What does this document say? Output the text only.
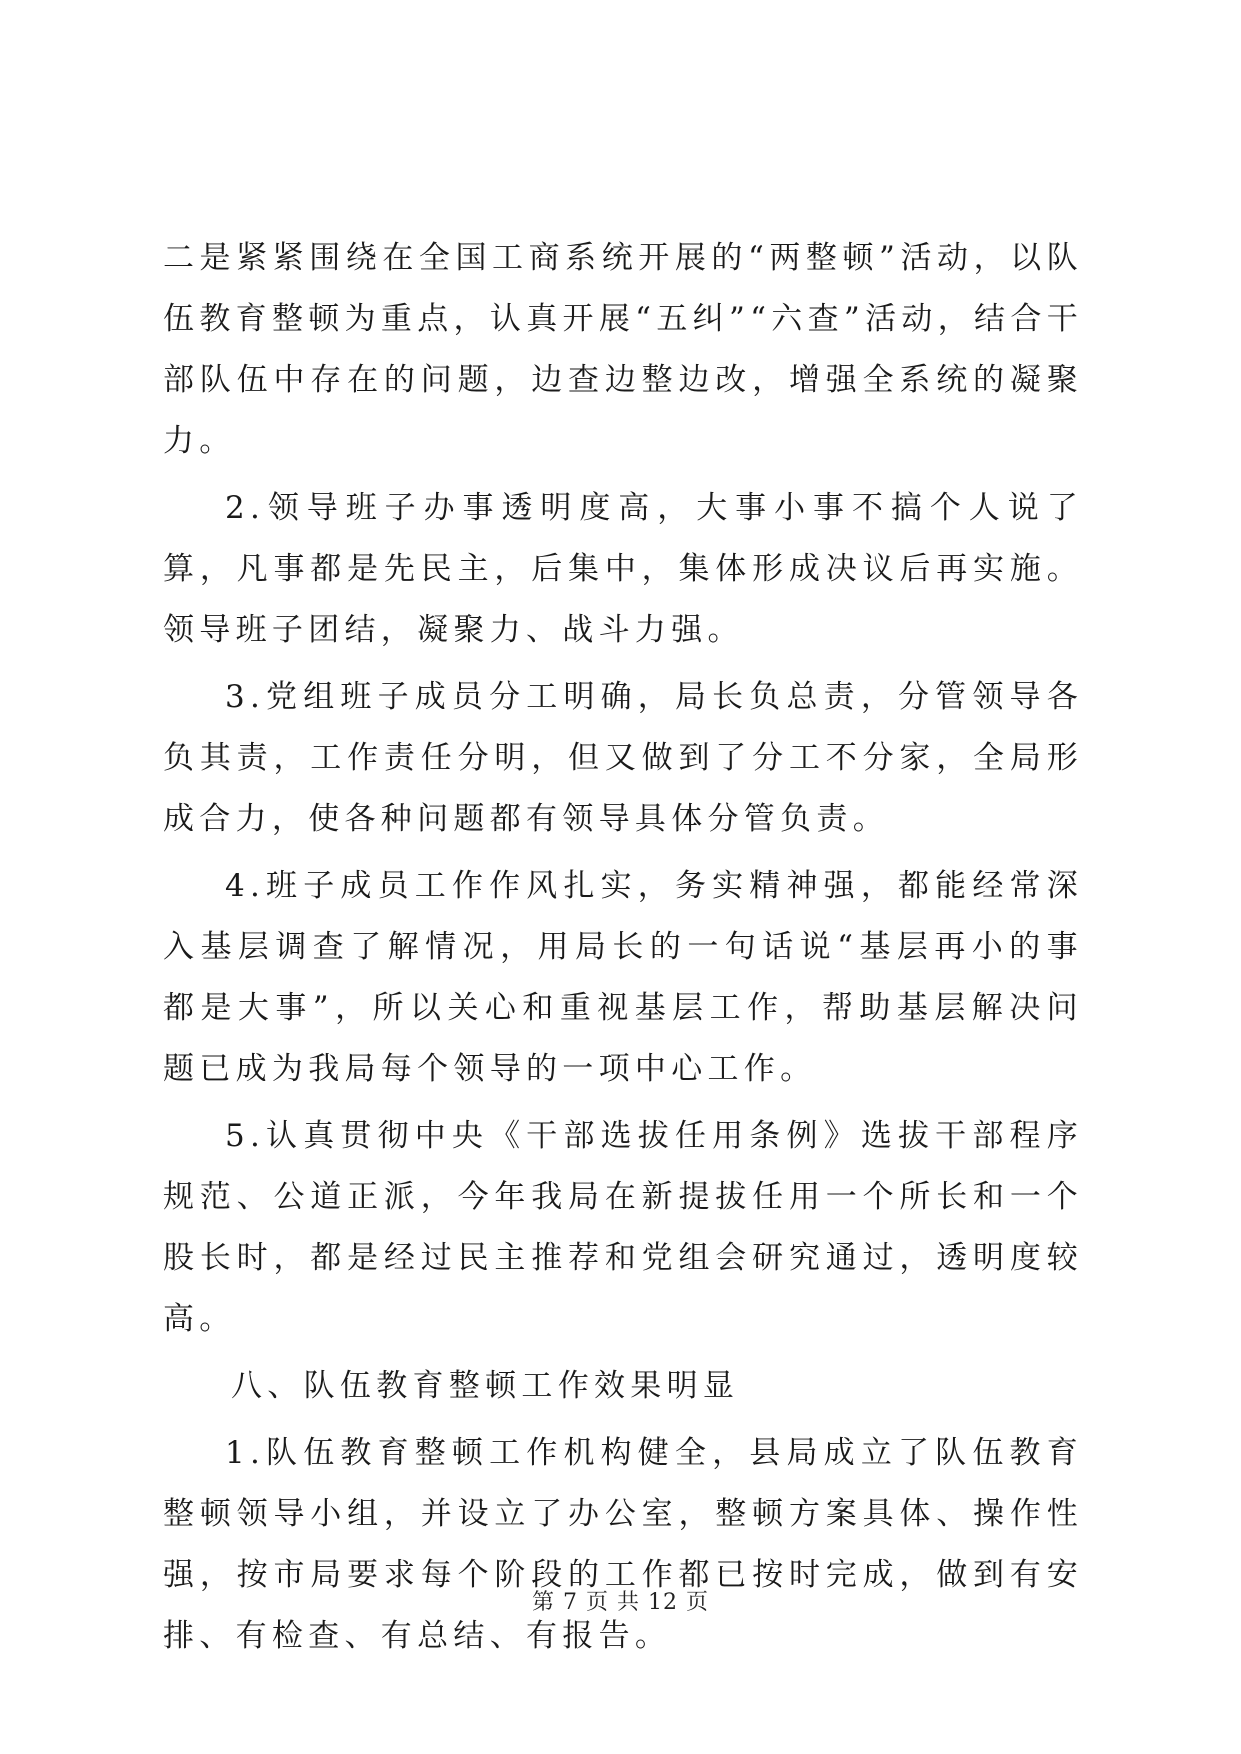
二是紧紧围绕在全国工商系统开展的“两整顿”活动，以队伍教育整顿为重点，认真开展“五纠”“六查”活动，结合干部队伍中存在的问题，边查边整边改，增强全系统的凝聚力。

2.领导班子办事透明度高，大事小事不搞个人说了算，凡事都是先民主，后集中，集体形成决议后再实施。领导班子团结，凝聚力、战斗力强。

3.党组班子成员分工明确，局长负总责，分管领导各负其责，工作责任分明，但又做到了分工不分家，全局形成合力，使各种问题都有领导具体分管负责。

4.班子成员工作作风扎实，务实精神强，都能经常深入基层调查了解情况，用局长的一句话说“基层再小的事都是大事”，所以关心和重视基层工作，帮助基层解决问题已成为我局每个领导的一项中心工作。

5.认真贯彻中央《干部选拔任用条例》选拔干部程序规范、公道正派，今年我局在新提拔任用一个所长和一个股长时，都是经过民主推荐和党组会研究通过，透明度较高。

八、队伍教育整顿工作效果明显

1.队伍教育整顿工作机构健全，县局成立了队伍教育整顿领导小组，并设立了办公室，整顿方案具体、操作性强，按市局要求每个阶段的工作都已按时完成，做到有安排、有检查、有总结、有报告。

第 7 页 共 12 页
